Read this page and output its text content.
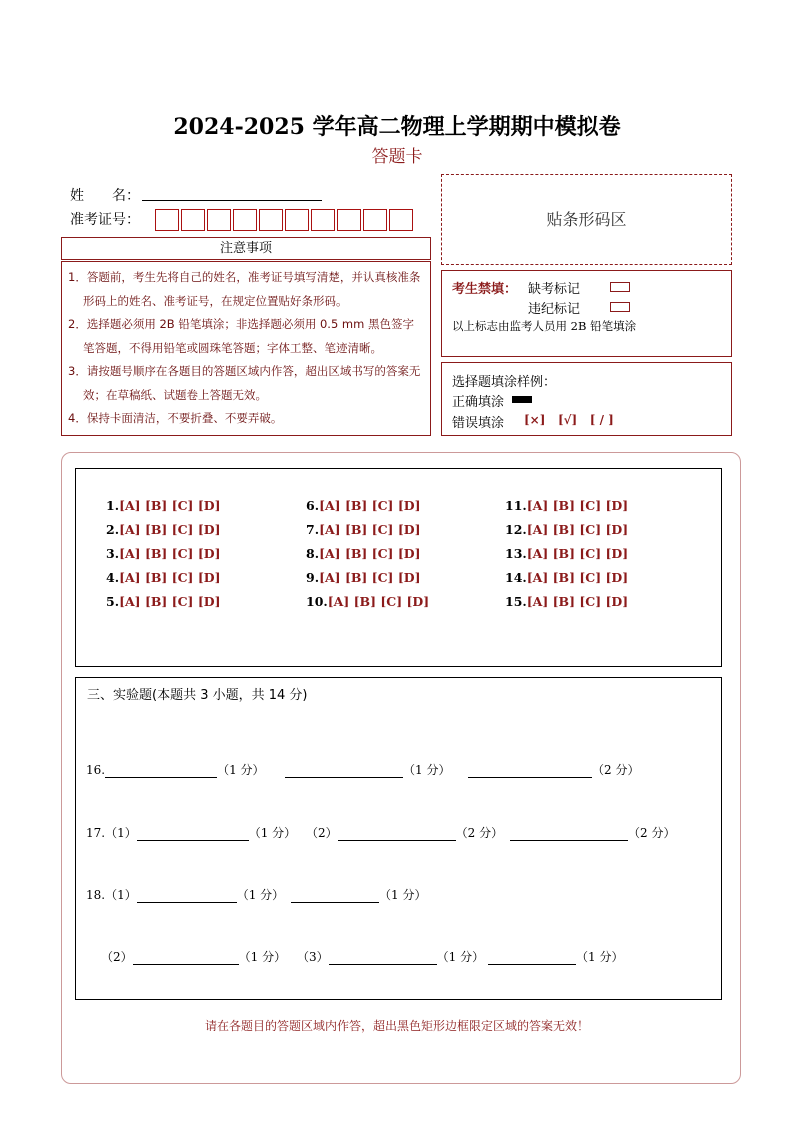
2024-2025 学年高二物理上学期期中模拟卷
答题卡
姓　　名：
准考证号：	贴条形码区
注意事项
1．答题前，考生先将自己的姓名，准考证号填写清楚，并认真核准条形码上的姓名、准考证号，在规定位置贴好条形码。
2．选择题必须用 2B 铅笔填涂；非选择题必须用 0.5 mm 黑色签字笔答题，不得用铅笔或圆珠笔答题；字体工整、笔迹清晰。
3．请按题号顺序在各题目的答题区域内作答，超出区域书写的答案无效；在草稿纸、试题卷上答题无效。
4．保持卡面清洁，不要折叠、不要弄破。
考生禁填： 缺考标记
违纪标记
以上标志由监考人员用 2B 铅笔填涂
选择题填涂样例：
正确填涂
错误填涂 [×] [√] [ / ]
1.[A] [B] [C] [D]
2.[A] [B] [C] [D]
3.[A] [B] [C] [D]
4.[A] [B] [C] [D]
5.[A] [B] [C] [D]
6.[A] [B] [C] [D]
7.[A] [B] [C] [D]
8.[A] [B] [C] [D]
9.[A] [B] [C] [D]
10.[A] [B] [C] [D]
11.[A] [B] [C] [D]
12.[A] [B] [C] [D]
13.[A] [B] [C] [D]
14.[A] [B] [C] [D]
15.[A] [B] [C] [D]
三、实验题(本题共 3 小题，共 14 分)
16.	（1 分）	（1 分）	（2 分）
17.（1）	（1 分） （2）	（2 分）	（2 分）
18.（1）	（1 分）	（1 分）
（2）	（1 分） （3）	（1 分）	（1 分）
请在各题目的答题区域内作答，超出黑色矩形边框限定区域的答案无效！
